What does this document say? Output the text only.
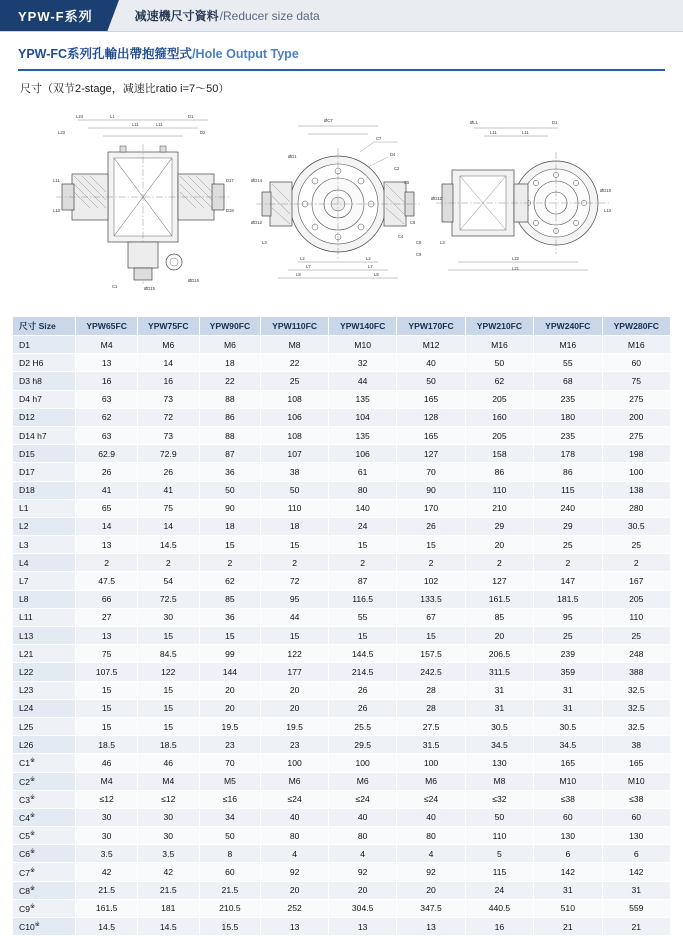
YPW-F系列	减速機尺寸資料 /Reducer size data
YPW-FC系列孔輸出帶抱箍型式/Hole Output Type
尺寸（双节2-stage，减速比ratio i=7～50）
L24	L1
L11	L11
D1
D2
L23
L11
L13
D17
D18
C1
ØD16
ØD15
ØC7
C7
ØD1
ØD14
ØD12
D4
C2
C5
C6
C4
L2	L2
L7	L7
L8	L8
L3	C8
C9
ØL1
L11	L11
D1
ØD12
ØD18
L13
L22
L21
L3
尺寸 Size	YPW65FC	YPW75FC	YPW90FC	YPW110FC	YPW140FC	YPW170FC	YPW210FC	YPW240FC	YPW280FC
D1	M4	M6	M6	M8	M10	M12	M16	M16	M16
D2 H6	13	14	18	22	32	40	50	55	60
D3 h8	16	16	22	25	44	50	62	68	75
D4 h7	63	73	88	108	135	165	205	235	275
D12	62	72	86	106	104	128	160	180	200
D14 h7	63	73	88	108	135	165	205	235	275
D15	62.9	72.9	87	107	106	127	158	178	198
D17	26	26	36	38	61	70	86	86	100
D18	41	41	50	50	80	90	110	115	138
L1	65	75	90	110	140	170	210	240	280
L2	14	14	18	18	24	26	29	29	30.5
L3	13	14.5	15	15	15	15	20	25	25
L4	2	2	2	2	2	2	2	2	2
L7	47.5	54	62	72	87	102	127	147	167
L8	66	72.5	85	95	116.5	133.5	161.5	181.5	205
L11	27	30	36	44	55	67	85	95	110
L13	13	15	15	15	15	15	20	25	25
L21	75	84.5	99	122	144.5	157.5	206.5	239	248
L22	107.5	122	144	177	214.5	242.5	311.5	359	388
L23	15	15	20	20	26	28	31	31	32.5
L24	15	15	20	20	26	28	31	31	32.5
L25	15	15	19.5	19.5	25.5	27.5	30.5	30.5	32.5
L26	18.5	18.5	23	23	29.5	31.5	34.5	34.5	38
C1※	46	46	70	100	100	100	130	165	165
C2※	M4	M4	M5	M6	M6	M6	M8	M10	M10
C3※	≤12	≤12	≤16	≤24	≤24	≤24	≤32	≤38	≤38
C4※	30	30	34	40	40	40	50	60	60
C5※	30	30	50	80	80	80	110	130	130
C6※	3.5	3.5	8	4	4	4	5	6	6
C7※	42	42	60	92	92	92	115	142	142
C8※	21.5	21.5	21.5	20	20	20	24	31	31
C9※	161.5	181	210.5	252	304.5	347.5	440.5	510	559
C10※	14.5	14.5	15.5	13	13	13	16	21	21
